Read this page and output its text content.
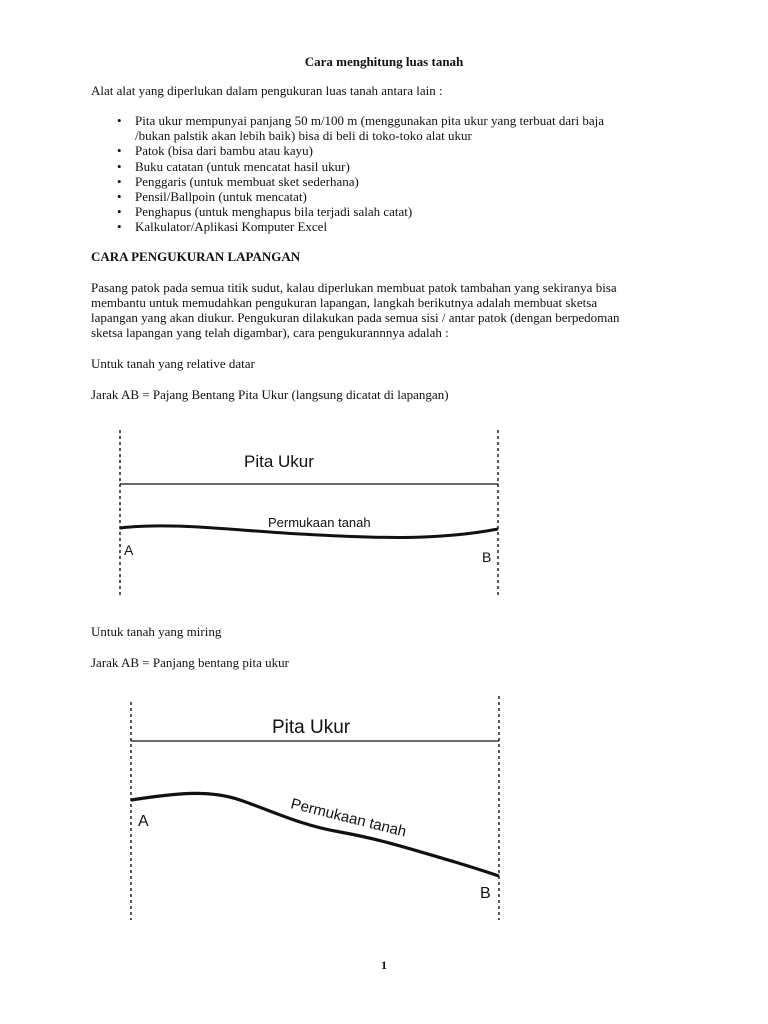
Cara menghitung luas tanah
Alat alat yang diperlukan dalam pengukuran luas tanah antara lain :
• Pita ukur mempunyai panjang 50 m/100 m (menggunakan pita ukur yang terbuat dari baja
/bukan palstik akan lebih baik) bisa di beli di toko-toko alat ukur
• Patok (bisa dari bambu atau kayu)
• Buku catatan (untuk mencatat hasil ukur)
• Penggaris (untuk membuat sket sederhana)
• Pensil/Ballpoin (untuk mencatat)
• Penghapus (untuk menghapus bila terjadi salah catat)
• Kalkulator/Aplikasi Komputer Excel
CARA PENGUKURAN LAPANGAN
Pasang patok pada semua titik sudut, kalau diperlukan membuat patok tambahan yang sekiranya bisa
membantu untuk memudahkan pengukuran lapangan, langkah berikutnya adalah membuat sketsa
lapangan yang akan diukur. Pengukuran dilakukan pada semua sisi / antar patok (dengan berpedoman
sketsa lapangan yang telah digambar), cara pengukurannnya adalah :
Untuk tanah yang relative datar
Jarak AB = Pajang Bentang Pita Ukur (langsung dicatat di lapangan)
Pita Ukur
Permukaan tanah
A	B
Untuk tanah yang miring
Jarak AB = Panjang bentang pita ukur
Pita Ukur
Permukaan tanah
A
B
1
